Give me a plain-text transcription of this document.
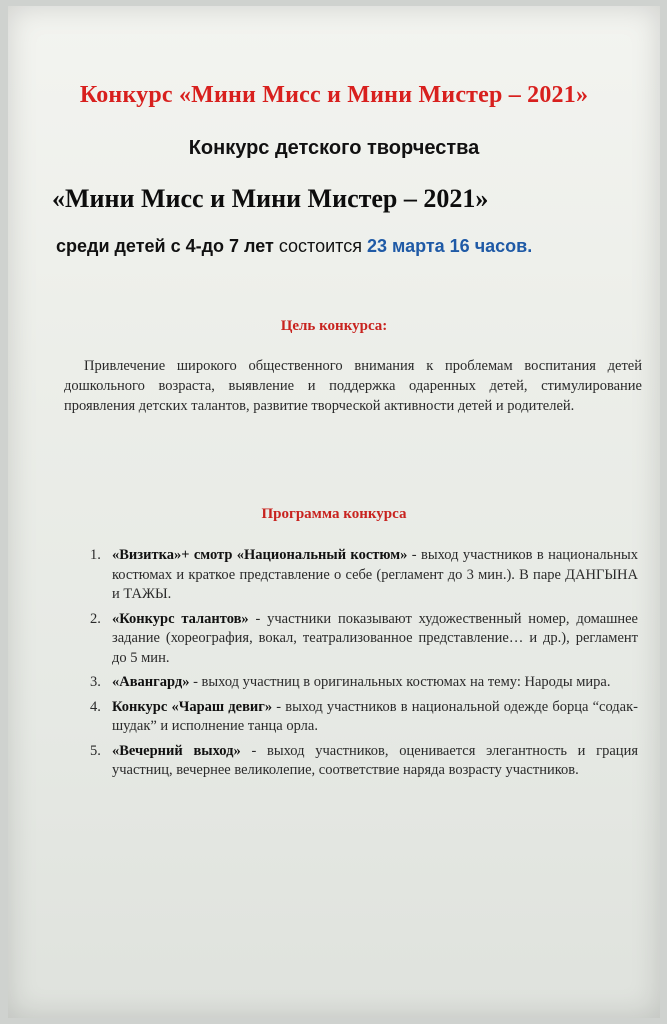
Конкурс «Мини Мисс и Мини Мистер – 2021»
Конкурс детского творчества
«Мини Мисс и Мини Мистер – 2021»
среди детей с 4-до 7 лет состоится 23 марта 16 часов.
Цель конкурса:
Привлечение широкого общественного внимания к проблемам воспитания детей дошкольного возраста, выявление и поддержка одаренных детей, стимулирование проявления детских талантов, развитие творческой активности детей и родителей.
Программа конкурса
1. «Визитка»+ смотр «Национальный костюм» - выход участников в национальных костюмах и краткое представление о себе (регламент до 3 мин.). В паре ДАНГЫНА и ТАЖЫ.
2. «Конкурс талантов» - участники показывают художественный номер, домашнее задание (хореография, вокал, театрализованное представление… и др.), регламент до 5 мин.
3. «Авангард» - выход участниц в оригинальных костюмах на тему: Народы мира.
4. Конкурс «Чараш девиг» - выход участников в национальной одежде борца “содак-шудак” и исполнение танца орла.
5. «Вечерний выход» - выход участников, оценивается элегантность и грация участниц, вечернее великолепие, соответствие наряда возрасту участников.
